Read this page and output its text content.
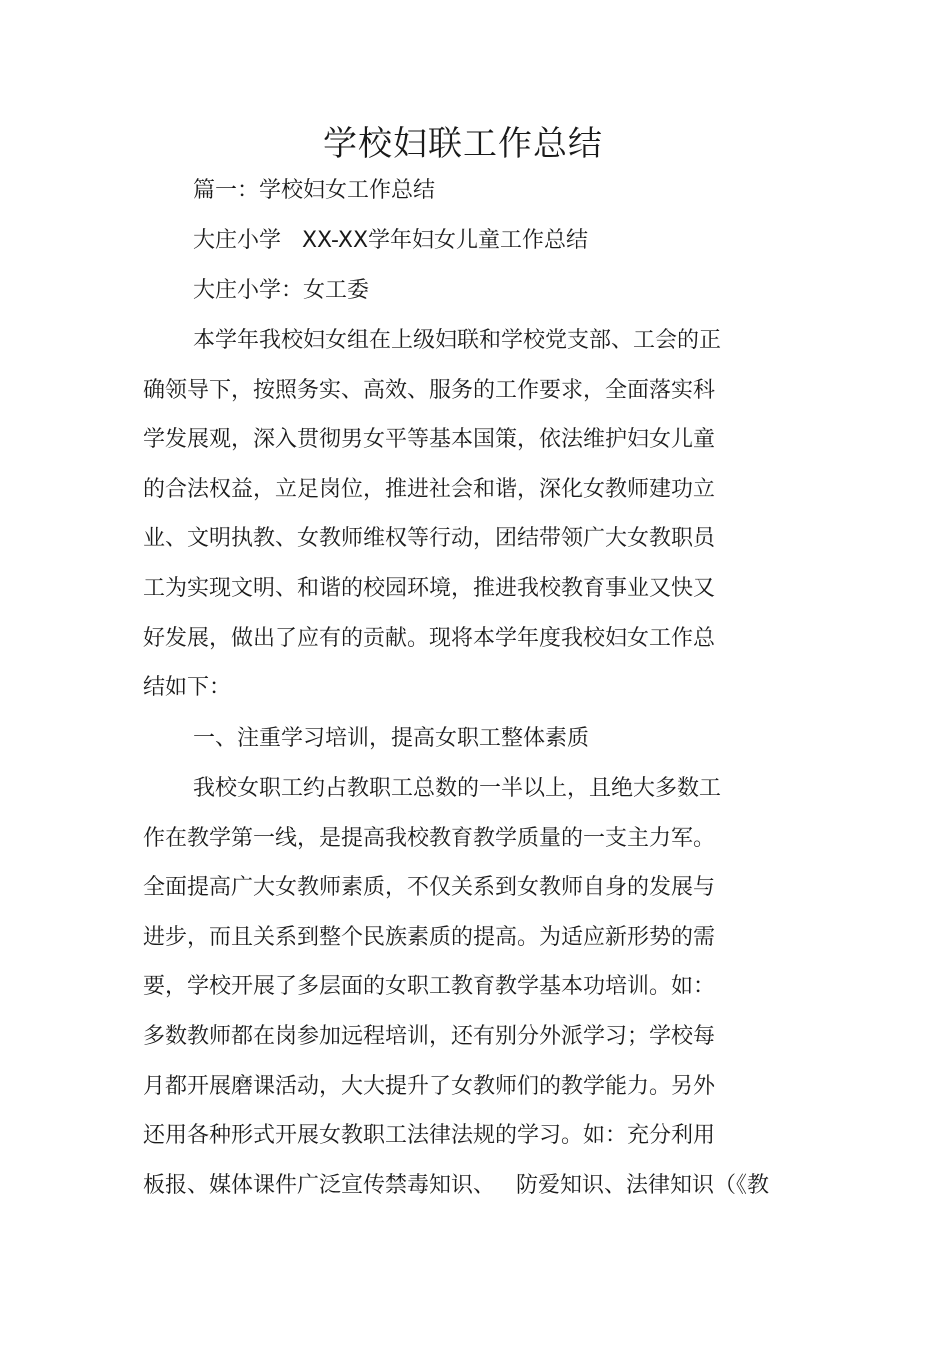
学校妇联工作总结
篇一：学校妇女工作总结
大庄小学   XX-XX学年妇女儿童工作总结
大庄小学：女工委
本学年我校妇女组在上级妇联和学校党支部、工会的正
确领导下，按照务实、高效、服务的工作要求，全面落实科
学发展观，深入贯彻男女平等基本国策，依法维护妇女儿童
的合法权益，立足岗位，推进社会和谐，深化女教师建功立
业、文明执教、女教师维权等行动，团结带领广大女教职员
工为实现文明、和谐的校园环境，推进我校教育事业又快又
好发展，做出了应有的贡献。现将本学年度我校妇女工作总
结如下：
一、注重学习培训，提高女职工整体素质
我校女职工约占教职工总数的一半以上，且绝大多数工
作在教学第一线，是提高我校教育教学质量的一支主力军。
全面提高广大女教师素质，不仅关系到女教师自身的发展与
进步，而且关系到整个民族素质的提高。为适应新形势的需
要，学校开展了多层面的女职工教育教学基本功培训。如：
多数教师都在岗参加远程培训，还有别分外派学习；学校每
月都开展磨课活动，大大提升了女教师们的教学能力。另外
还用各种形式开展女教职工法律法规的学习。如：充分利用
板报、媒体课件广泛宣传禁毒知识、   防爱知识、法律知识（《教
